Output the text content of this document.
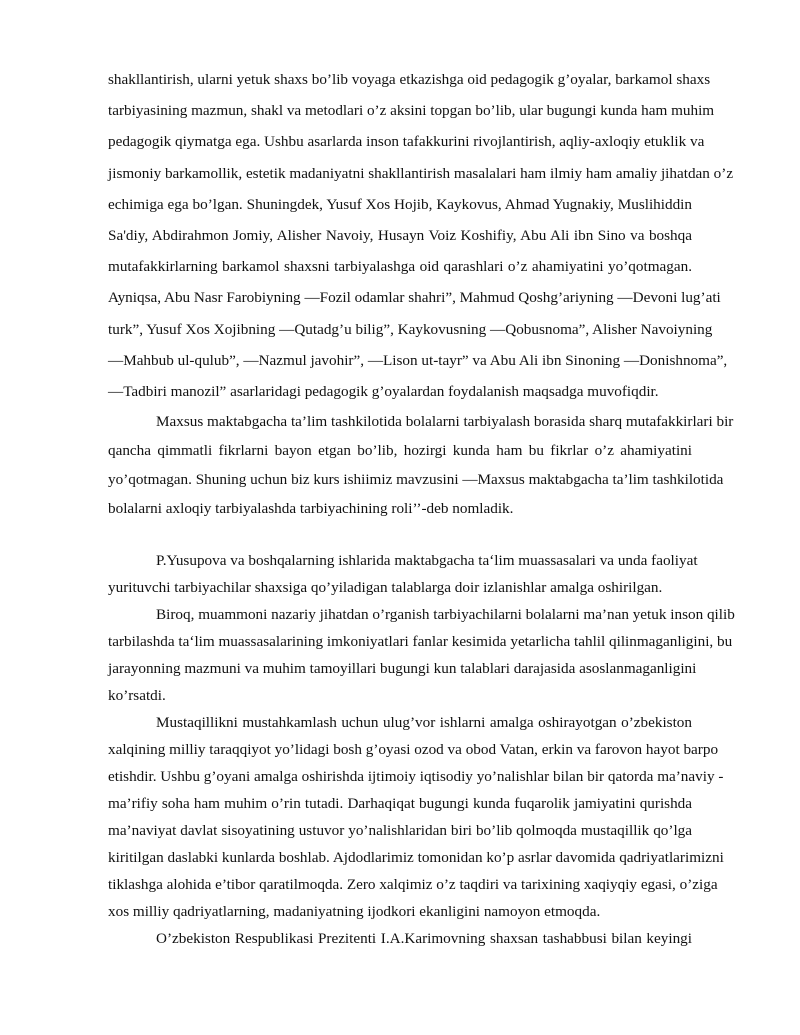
shakllantirish, ularni yetuk shaxs bo’lib voyaga etkazishga oid pedagogik g’oyalar, barkamol shaxs
tarbiyasining mazmun, shakl va metodlari o’z aksini topgan bo’lib, ular bugungi kunda ham muhim
pedagogik qiymatga ega. Ushbu asarlarda inson tafakkurini rivojlantirish, aqliy-axloqiy etuklik va
jismoniy barkamollik, estetik madaniyatni shakllantirish masalalari ham ilmiy ham amaliy jihatdan o’z
echimiga ega bo’lgan. Shuningdek, Yusuf Xos Hojib, Kaykovus, Ahmad Yugnakiy, Muslihiddin
Sa'diy, Abdirahmon Jomiy, Alisher Navoiy, Husayn Voiz Koshifiy, Abu Ali ibn Sino va boshqa
mutafakkirlarning barkamol shaxsni tarbiyalashga oid qarashlari o’z ahamiyatini yo’qotmagan.
Ayniqsa, Abu Nasr Farobiyning ―Fozil odamlar shahri”, Mahmud Qoshg’ariyning ―Devoni lug’ati
turk”, Yusuf Xos Xojibning ―Qutadg’u bilig”, Kaykovusning ―Qobusnoma”, Alisher Navoiyning
―Mahbub ul-qulub”, ―Nazmul javohir”, ―Lison ut-tayr” va Abu Ali ibn Sinoning ―Donishnoma”,
―Tadbiri manozil” asarlaridagi pedagogik g’oyalardan foydalanish maqsadga muvofiqdir.
Maxsus maktabgacha ta’lim tashkilotida bolalarni tarbiyalash borasida sharq mutafakkirlari bir
qancha qimmatli fikrlarni bayon etgan bo’lib, hozirgi kunda ham bu fikrlar o’z ahamiyatini
yo’qotmagan. Shuning uchun biz kurs ishiimiz mavzusini ―Maxsus maktabgacha ta’lim tashkilotida
bolalarni axloqiy tarbiyalashda tarbiyachining roli’’-deb nomladik.
P.Yusupova va boshqalarning ishlarida maktabgacha ta‘lim muassasalari va unda faoliyat
yurituvchi tarbiyachilar shaxsiga qo’yiladigan talablarga doir izlanishlar amalga oshirilgan.
Biroq, muammoni nazariy jihatdan o’rganish tarbiyachilarni bolalarni ma’nan yetuk inson qilib
tarbilashda ta‘lim muassasalarining imkoniyatlari fanlar kesimida yetarlicha tahlil qilinmaganligini, bu
jarayonning mazmuni va muhim tamoyillari bugungi kun talablari darajasida asoslanmaganligini
ko’rsatdi.
Mustaqillikni mustahkamlash uchun ulug’vor ishlarni amalga oshirayotgan o’zbekiston
xalqining milliy taraqqiyot yo’lidagi bosh g’oyasi ozod va obod Vatan, erkin va farovon hayot barpo
etishdir. Ushbu g’oyani amalga oshirishda ijtimoiy iqtisodiy yo’nalishlar bilan bir qatorda ma’naviy -
ma’rifiy soha ham muhim o’rin tutadi. Darhaqiqat bugungi kunda fuqarolik jamiyatini qurishda
ma’naviyat davlat sisoyatining ustuvor yo’nalishlaridan biri bo’lib qolmoqda mustaqillik qo’lga
kiritilgan daslabki kunlarda boshlab. Ajdodlarimiz tomonidan ko’p asrlar davomida qadriyatlarimizni
tiklashga alohida e’tibor qaratilmoqda. Zero xalqimiz o’z taqdiri va tarixining xaqiyqiy egasi, o’ziga
xos milliy qadriyatlarning, madaniyatning ijodkori ekanligini namoyon etmoqda.
O’zbekiston Respublikasi Prezitenti I.A.Karimovning shaxsan tashabbusi bilan keyingi
